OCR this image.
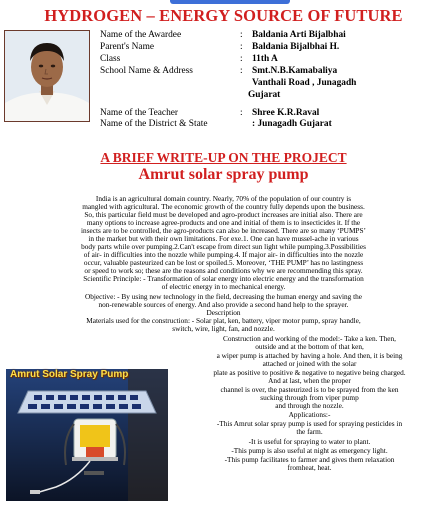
HYDROGEN – ENERGY SOURCE OF FUTURE
Name of the Awardee	: Baldania Arti Bijalbhai
Parent's Name	: Baldania Bijalbhai H.
Class	: 11th A
School Name & Address	: Smt.N.B.Kamabaliya
Vanthali Road , Junagadh
Gujarat
Name of the Teacher	: Shree K.R.Raval
Name of the District & State	: Junagadh Gujarat
A BRIEF WRITE-UP ON THE PROJECT
Amrut solar spray pump
India is an agricultural domain country. Nearly, 70% of the population of our country is
mangled with agricultural. The economic growth of the country fully depends upon the business.
So, this particular field must be developed and agro-product increases are initial also. There are
many options to increase agree-products and one and initial of them is to insecticides it. If the
insects are to be controlled, the agro-products can also be increased. There are so many ‘PUMPS’
in the market but with their own limitations. For exe.1. One can have mussel-ache in various
body parts while over pumping.2.Can't escape from direct sun light while pumping.3.Possibilities
of air- in difficulties into the nozzle while pumping.4. If major air- in difficulties into the nozzle
occur, valuable pasteurized can be lost or spoiled.5. Moreover, ‘THE PUMP’ has no lastingness
or speed to work so; these are the reasons and conditions why we are recommending this spray.
Scientific Principle: - Transformation of solar energy into electric energy and the transformation
of electric energy in to mechanical energy.
Objective: - By using new technology in the field, decreasing the human energy and saving the
non-renewable sources of energy. And also provide a second hand help to the sprayer.
Description
Materials used for the construction: - Solar plat, ken, battery, viper motor pump, spray handle,
switch, wire, light, fan, and nozzle.
Construction and working of the model:- Take a ken. Then,
outside and at the bottom of that ken,
a wiper pump is attached by having a hole. And then, it is being
attached or joined with the solar
plate as positive to positive & negative to negative being charged.
And at last, when the proper
channel is over, the pasteurized is to be sprayed from the ken
sucking through from viper pump
and through the nozzle.
Applications:-
-This Amrut solar spray pump is used for spraying pesticides in
the farm.
-It is useful for spraying to water to plant.
-This pump is also useful at night as emergency light.
-This pump facilitates to farmer and gives them relaxation
fromheat, heat.
Amrut Solar Spray Pump
